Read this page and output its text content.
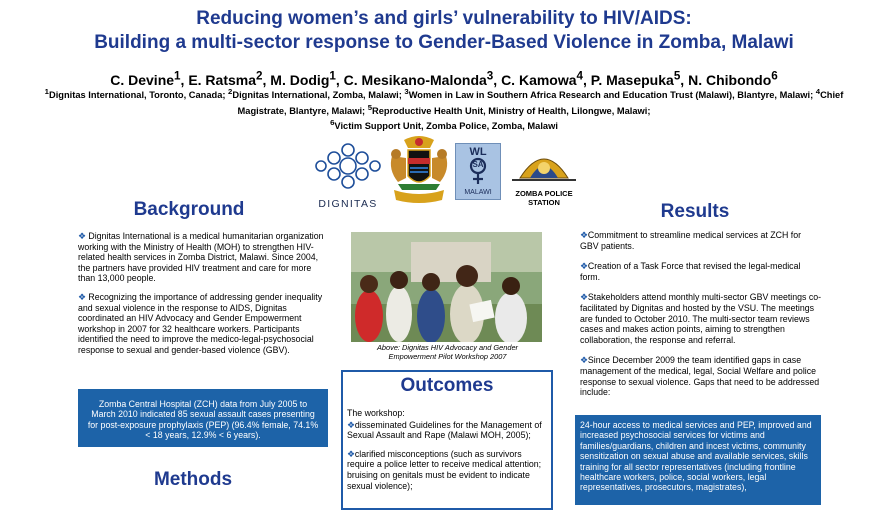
Reducing women’s and girls’ vulnerability to HIV/AIDS:
Building a multi-sector response to Gender-Based Violence in Zomba, Malawi
C. Devine$^1$, E. Ratsma$^2$, M. Dodig$^1$, C. Mesikano-Malonda$^3$, C. Kamowa$^4$, P. Masepuka$^5$, N. Chibondo$^6$
$^1$Dignitas International, Toronto, Canada; $^2$Dignitas International, Zomba, Malawi; $^3$Women in Law in Southern Africa Research and Education Trust (Malawi), Blantyre, Malawi; $^4$Chief Magistrate, Blantyre, Malawi; $^5$Reproductive Health Unit, Ministry of Health, Lilongwe, Malawi;
$^6$Victim Support Unit, Zomba Police, Zomba, Malawi
DIGNITAS
WL
SA
MALAWI	ZOMBA POLICE
STATION
Background

❖ Dignitas International is a medical humanitarian organization working with the Ministry of Health (MOH) to strengthen HIV-related health services in Zomba District, Malawi. Since 2004, the partners have provided HIV treatment and care for more than 13,000 people.

❖ Recognizing the importance of addressing gender inequality and sexual violence in the response to AIDS, Dignitas coordinated an HIV Advocacy and Gender Empowerment workshop in 2007 for 32 healthcare workers. Participants identified the need to improve the medico-legal-psychosocial response to sexual and gender-based violence (GBV).

Zomba Central Hospital (ZCH) data from July 2005 to March 2010 indicated 85 sexual assault cases presenting for post-exposure prophylaxis (PEP) (96.4% female, 74.1% < 18 years, 12.9% < 6 years).
Methods
Above: Dignitas HIV Advocacy and Gender Empowerment Pilot Workshop 2007
Outcomes

The workshop:

❖disseminated Guidelines for the Management of Sexual Assault and Rape (Malawi MOH, 2005);

❖clarified misconceptions (such as survivors require a police letter to receive medical attention; bruising on genitals must be evident to indicate sexual violence);

Results

❖Commitment to streamline medical services at ZCH for GBV patients.

❖Creation of a Task Force that revised the legal-medical form.

❖Stakeholders attend monthly multi-sector GBV meetings co-facilitated by Dignitas and hosted by the VSU. The meetings are funded to October 2010. The multi-sector team reviews cases and makes action points, aiming to strengthen collaboration, the response and referral.

❖Since December 2009 the team identified gaps in case management of the medical, legal, Social Welfare and police response to sexual violence. Gaps that need to be addressed include:

24-hour access to medical services and PEP, improved and increased psychosocial services for victims and families/guardians, children and incest victims, community sensitization on sexual abuse and available services, skills training for all sector representatives (including frontline healthcare workers, police, social workers, legal representatives, prosecutors, magistrates),
